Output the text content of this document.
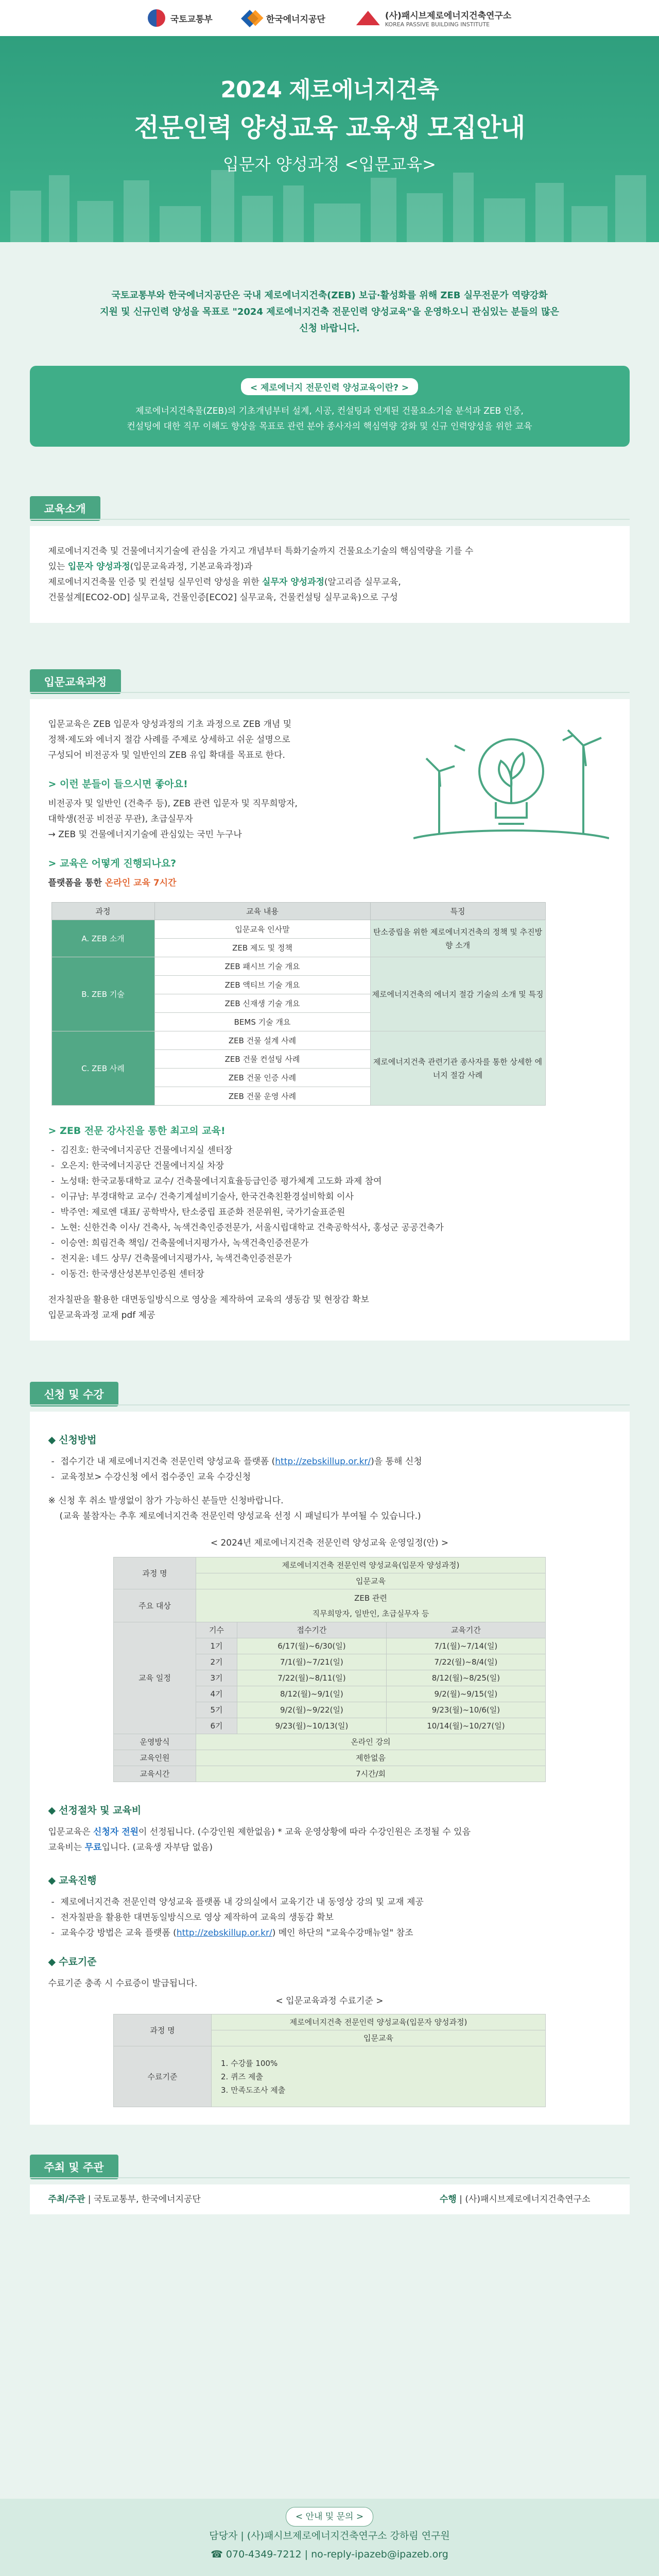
국토교통부	한국에너지공단	(사)패시브제로에너지건축연구소
KOREA PASSIVE BUILDING INSTITUTE
2024 제로에너지건축
전문인력 양성교육 교육생 모집안내
입문자 양성과정 <입문교육>
국토교통부와 한국에너지공단은 국내 제로에너지건축(ZEB) 보급·활성화를 위해 ZEB 실무전문가 역량강화
지원 및 신규인력 양성을 목표로 "2024 제로에너지건축 전문인력 양성교육"을 운영하오니 관심있는 분들의 많은
신청 바랍니다.
< 제로에너지 전문인력 양성교육이란? >

제로에너지건축물(ZEB)의 기초개념부터 설계, 시공, 컨설팅과 연계된 건물요소기술 분석과 ZEB 인증,

컨설팅에 대한 직무 이해도 향상을 목표로 관련 분야 종사자의 핵심역량 강화 및 신규 인력양성을 위한 교육

교육소개
제로에너지건축 및 건물에너지기술에 관심을 가지고 개념부터 특화기술까지 건물요소기술의 핵심역량을 기를 수
있는 입문자 양성과정(입문교육과정, 기본교육과정)과
제로에너지건축물 인증 및 컨설팅 실무인력 양성을 위한 실무자 양성과정(알고리즘 실무교육,
건물설계[ECO2-OD] 실무교육, 건물인증[ECO2] 실무교육, 건물컨설팅 실무교육)으로 구성
입문교육과정
입문교육은 ZEB 입문자 양성과정의 기초 과정으로 ZEB 개념 및
정책·제도와 에너지 절감 사례를 주제로 상세하고 쉬운 설명으로
구성되어 비전공자 및 일반인의 ZEB 유입 확대를 목표로 한다.
> 이런 분들이 들으시면 좋아요!
비전공자 및 일반인 (건축주 등), ZEB 관련 입문자 및 직무희망자,
대학생(전공 비전공 무관), 초급실무자
→ ZEB 및 건물에너지기술에 관심있는 국민 누구나
> 교육은 어떻게 진행되나요?
플랫폼을 통한 온라인 교육 7시간
과정	교육 내용	특징
A. ZEB 소개	입문교육 인사말	탄소중립을 위한 제로에너지건축의 정책 및 추진방향 소개
	ZEB 제도 및 정책	
B. ZEB 기술	ZEB 패시브 기술 개요	제로에너지건축의 에너지 절감 기술의 소개 및 특징
	ZEB 액티브 기술 개요	
	ZEB 신재생 기술 개요	
	BEMS 기술 개요	
C. ZEB 사례	ZEB 건물 설계 사례	제로에너지건축 관련기관 종사자를 통한 상세한 에너지 절감 사례
	ZEB 건물 컨설팅 사례	
	ZEB 건물 인증 사례	
	ZEB 건물 운영 사례	
> ZEB 전문 강사진을 통한 최고의 교육!
- 김진호: 한국에너지공단 건물에너지실 센터장
- 오은지: 한국에너지공단 건물에너지실 차장
- 노성태: 한국교통대학교 교수/ 건축물에너지효율등급인증 평가체계 고도화 과제 참여
- 이규남: 부경대학교 교수/ 건축기계설비기술사, 한국건축친환경설비학회 이사
- 박주연: 제로엔 대표/ 공학박사, 탄소중립 표준화 전문위원, 국가기술표준원
- 노현: 신한건축 이사/ 건축사, 녹색건축인증전문가, 서울시립대학교 건축공학석사, 홍성군 공공건축가
- 이승연: 희림건축 책임/ 건축물에너지평가사, 녹색건축인증전문가
- 전지윤: 네드 상무/ 건축물에너지평가사, 녹색건축인증전문가
- 이동건: 한국생산성본부인증원 센터장
전자칠판을 활용한 대면동일방식으로 영상을 제작하여 교육의 생동감 및 현장감 확보
입문교육과정 교재 pdf 제공
신청 및 수강
◆ 신청방법
- 접수기간 내 제로에너지건축 전문인력 양성교육 플랫폼 (http://zebskillup.or.kr/)을 통해 신청
- 교육정보> 수강신청 에서 접수중인 교육 수강신청
※ 신청 후 취소 발생없이 참가 가능하신 분들만 신청바랍니다.
(교육 불참자는 추후 제로에너지건축 전문인력 양성교육 선정 시 패널티가 부여될 수 있습니다.)
< 2024년 제로에너지건축 전문인력 양성교육 운영일정(안) >
과정 명	제로에너지건축 전문인력 양성교육(입문자 양성과정)		
	입문교육		
주요 대상	ZEB 관련
직무희망자, 일반인, 초급실무자 등		

교육 일정	기수	접수기간	교육기간
	1기	6/17(월)~6/30(일)	7/1(월)~7/14(일)
	2기	7/1(월)~7/21(일)	7/22(월)~8/4(일)
	3기	7/22(월)~8/11(일)	8/12(월)~8/25(일)
	4기	8/12(월)~9/1(일)	9/2(월)~9/15(일)
	5기	9/2(월)~9/22(일)	9/23(월)~10/6(일)
	6기	9/23(월)~10/13(일)	10/14(월)~10/27(일)
운영방식	온라인 강의		
교육인원	제한없음		
교육시간	7시간/회		
◆ 선정절차 및 교육비
입문교육은 신청자 전원이 선정됩니다. (수강인원 제한없음) * 교육 운영상황에 따라 수강인원은 조정될 수 있음
교육비는 무료입니다. (교육생 자부담 없음)
◆ 교육진행
- 제로에너지건축 전문인력 양성교육 플랫폼 내 강의실에서 교육기간 내 동영상 강의 및 교재 제공
- 전자칠판을 활용한 대면동일방식으로 영상 제작하여 교육의 생동감 확보
- 교육수강 방법은 교육 플랫폼 (http://zebskillup.or.kr/) 메인 하단의 "교육수강매뉴얼" 참조
◆ 수료기준
수료기준 충족 시 수료증이 발급됩니다.
< 입문교육과정 수료기준 >
과정 명	제로에너지건축 전문인력 양성교육(입문자 양성과정)
	입문교육
수료기준	1. 수강률 100%
2. 퀴즈 제출
3. 만족도조사 제출
주최 및 주관
주최/주관 | 국토교통부, 한국에너지공단	수행 | (사)패시브제로에너지건축연구소
< 안내 및 문의 >
담당자 | (사)패시브제로에너지건축연구소 강하림 연구원
☎ 070-4349-7212 | no-reply-ipazeb@ipazeb.org
